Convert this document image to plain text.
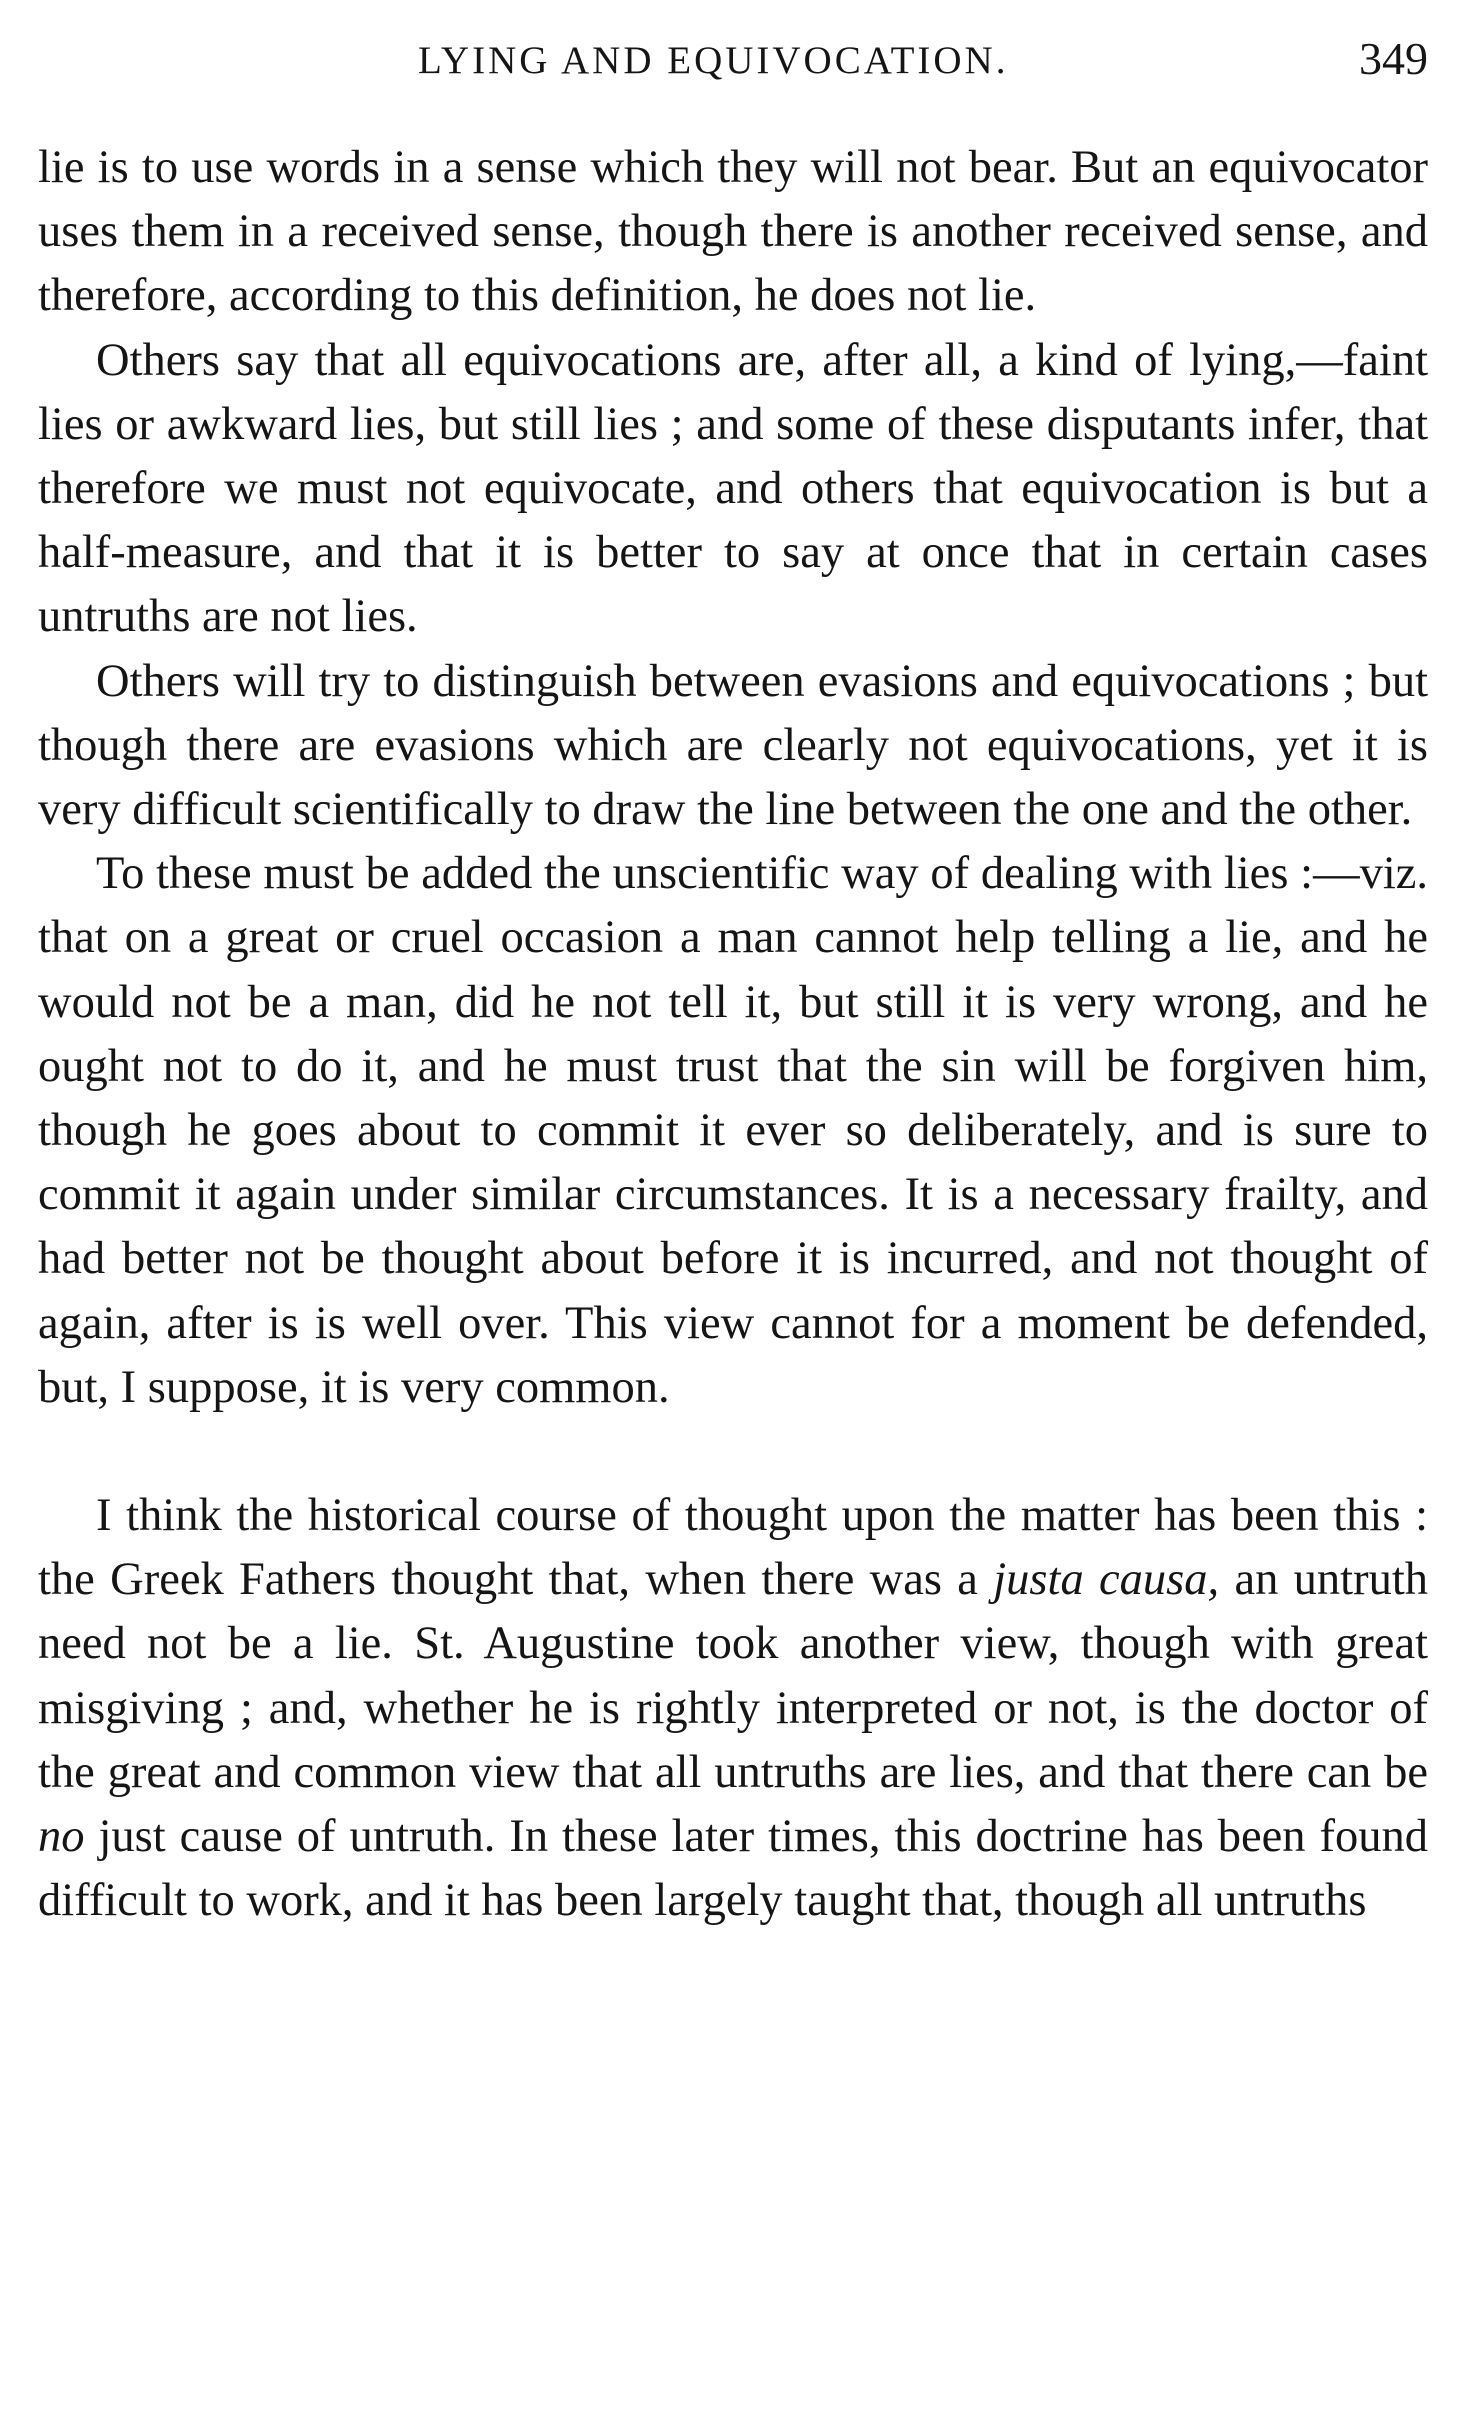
LYING AND EQUIVOCATION.	349

lie is to use words in a sense which they will not bear. But an equivocator uses them in a received sense, though there is another received sense, and therefore, according to this definition, he does not lie.

Others say that all equivocations are, after all, a kind of lying,—faint lies or awkward lies, but still lies ; and some of these disputants infer, that therefore we must not equivocate, and others that equivocation is but a half-measure, and that it is better to say at once that in certain cases untruths are not lies.

Others will try to distinguish between evasions and equivocations ; but though there are evasions which are clearly not equivocations, yet it is very difficult scientifically to draw the line between the one and the other.

To these must be added the unscientific way of dealing with lies :—viz. that on a great or cruel occasion a man cannot help telling a lie, and he would not be a man, did he not tell it, but still it is very wrong, and he ought not to do it, and he must trust that the sin will be forgiven him, though he goes about to commit it ever so deliberately, and is sure to commit it again under similar circumstances. It is a necessary frailty, and had better not be thought about before it is incurred, and not thought of again, after is is well over. This view cannot for a moment be defended, but, I suppose, it is very common.

I think the historical course of thought upon the matter has been this : the Greek Fathers thought that, when there was a justa causa, an untruth need not be a lie. St. Augustine took another view, though with great misgiving ; and, whether he is rightly interpreted or not, is the doctor of the great and common view that all untruths are lies, and that there can be no just cause of untruth. In these later times, this doctrine has been found difficult to work, and it has been largely taught that, though all untruths
